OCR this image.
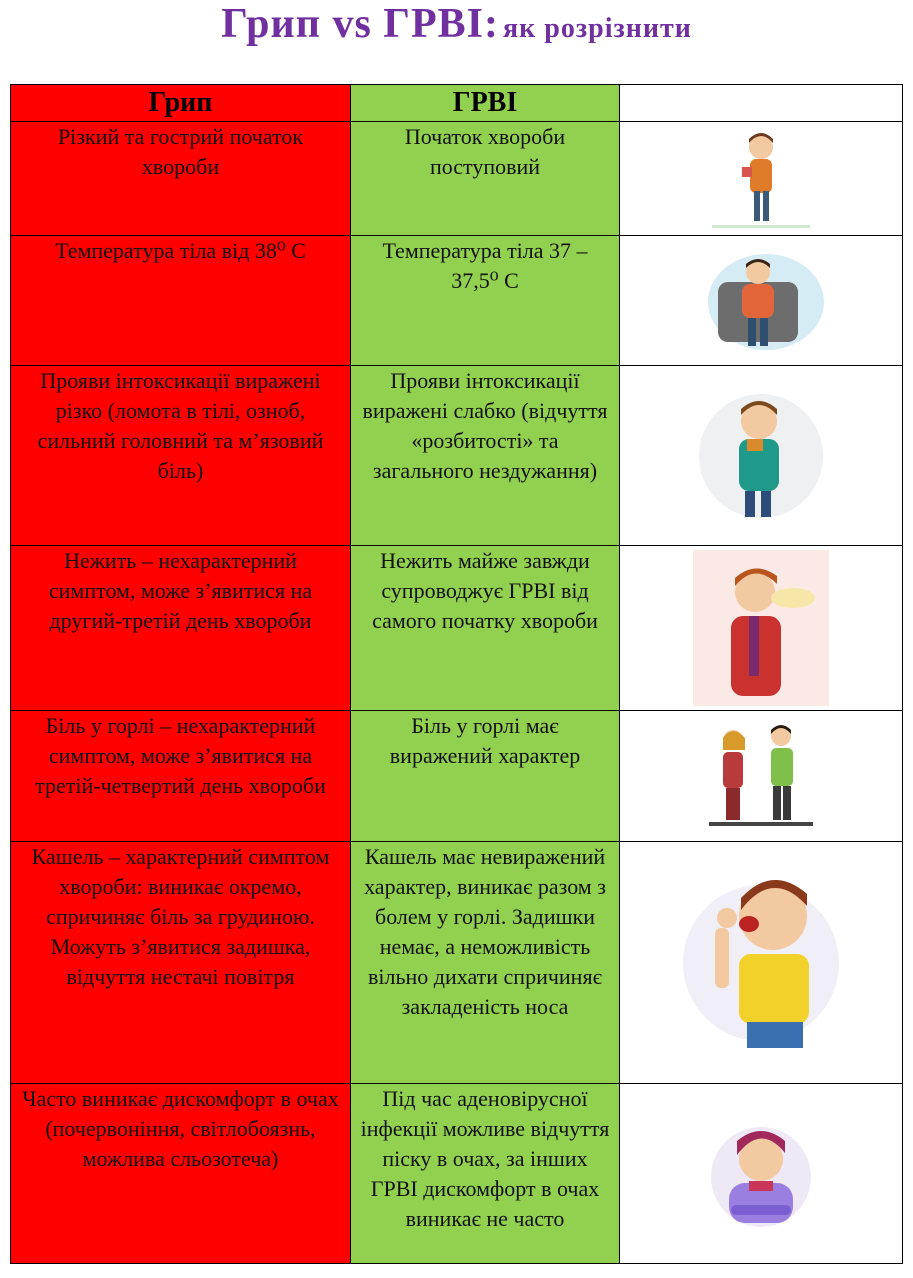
Грип vs ГРВІ: як розрізнити
Грип	ГРВІ	
Різкий та гострий початок хвороби	Початок хвороби поступовий	

Температура тіла від 38⁰ С	Температура тіла 37 – 37,5⁰ С	

Прояви інтоксикації виражені різко (ломота в тілі, озноб, сильний головний та м’язовий біль)	Прояви інтоксикації виражені слабко (відчуття «розбитості» та загального нездужання)	

Нежить – нехарактерний симптом, може з’явитися на другий-третій день хвороби	Нежить майже завжди супроводжує ГРВІ від самого початку хвороби	

Біль у горлі – нехарактерний симптом, може з’явитися на третій-четвертий день хвороби	Біль у горлі має виражений характер	

Кашель – характерний симптом хвороби: виникає окремо, спричиняє біль за грудиною. Можуть з’явитися задишка, відчуття нестачі повітря	Кашель має невиражений характер, виникає разом з болем у горлі. Задишки немає, а неможливість вільно дихати спричиняє закладеність носа	

Часто виникає дискомфорт в очах (почервоніння, світлобоязнь, можлива сльозотеча)	Під час аденовірусної інфекції можливе відчуття піску в очах, за інших ГРВІ дискомфорт в очах виникає не часто	
